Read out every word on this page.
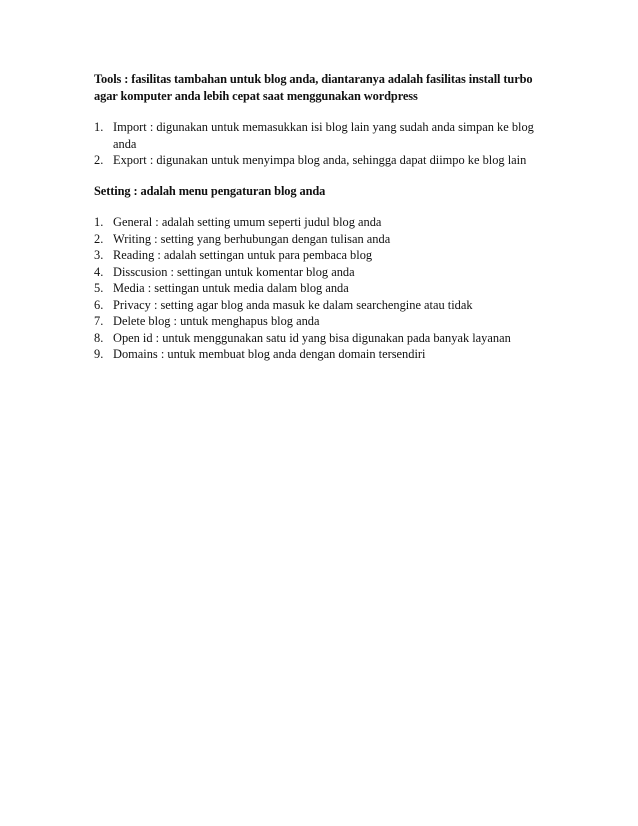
Tools : fasilitas tambahan untuk blog anda, diantaranya adalah fasilitas install turbo agar komputer anda lebih cepat saat menggunakan wordpress

1. Import : digunakan untuk memasukkan isi blog lain yang sudah anda simpan ke blog anda
2. Export : digunakan untuk menyimpa blog anda, sehingga dapat diimpo ke blog lain

Setting : adalah menu pengaturan blog anda

1. General : adalah setting umum seperti judul blog anda
2. Writing : setting yang berhubungan dengan tulisan anda
3. Reading : adalah settingan untuk para pembaca blog
4. Disscusion : settingan untuk komentar blog anda
5. Media : settingan untuk media dalam blog anda
6. Privacy : setting agar blog anda masuk ke dalam searchengine atau tidak
7. Delete blog : untuk menghapus blog anda
8. Open id : untuk menggunakan satu id yang bisa digunakan pada banyak layanan
9. Domains : untuk membuat blog anda dengan domain tersendiri
